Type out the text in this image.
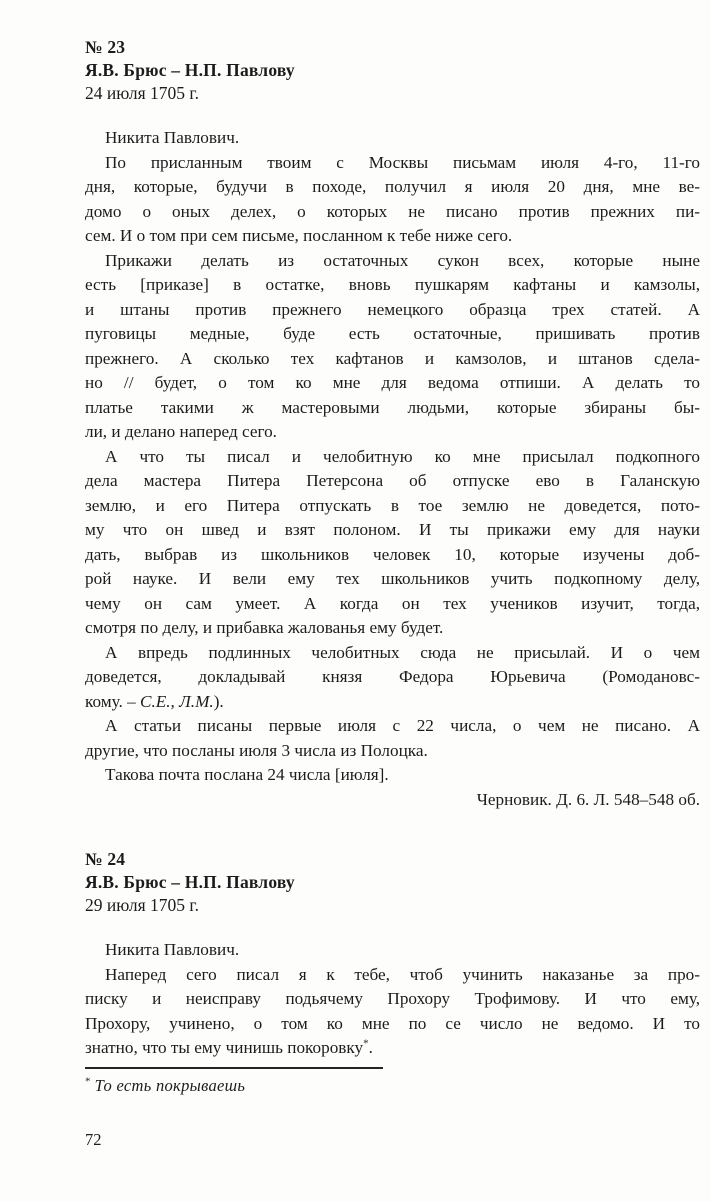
№ 23
Я.В. Брюс – Н.П. Павлову
24 июля 1705 г.
Никита Павлович.
По присланным твоим с Москвы письмам июля 4-го, 11-го
дня, которые, будучи в походе, получил я июля 20 дня, мне ве-
домо о оных делех, о которых не писано против прежних пи-
сем. И о том при сем письме, посланном к тебе ниже сего.
Прикажи делать из остаточных сукон всех, которые ныне
есть [приказе] в остатке, вновь пушкарям кафтаны и камзолы,
и штаны против прежнего немецкого образца трех статей. А
пуговицы медные, буде есть остаточные, пришивать против
прежнего. А сколько тех кафтанов и камзолов, и штанов сдела-
но // будет, о том ко мне для ведома отпиши. А делать то
платье такими ж мастеровыми людьми, которые збираны бы-
ли, и делано наперед сего.
А что ты писал и челобитную ко мне присылал подкопного
дела мастера Питера Петерсона об отпуске ево в Галанскую
землю, и его Питера отпускать в тое землю не доведется, пото-
му что он швед и взят полоном. И ты прикажи ему для науки
дать, выбрав из школьников человек 10, которые изучены доб-
рой науке. И вели ему тех школьников учить подкопному делу,
чему он сам умеет. А когда он тех учеников изучит, тогда,
смотря по делу, и прибавка жалованья ему будет.
А впредь подлинных челобитных сюда не присылай. И о чем
доведется, докладывай князя Федора Юрьевича (Ромодановс-
кому. – С.Е., Л.М.).
А статьи писаны первые июля с 22 числа, о чем не писано. А
другие, что посланы июля 3 числа из Полоцка.
Такова почта послана 24 числа [июля].
Черновик. Д. 6. Л. 548–548 об.
№ 24
Я.В. Брюс – Н.П. Павлову
29 июля 1705 г.
Никита Павлович.
Наперед сего писал я к тебе, чтоб учинить наказанье за про-
писку и неисправу подьячему Прохору Трофимову. И что ему,
Прохору, учинено, о том ко мне по се число не ведомо. И то
знатно, что ты ему чинишь покоровку*.
* То есть покрываешь
72
